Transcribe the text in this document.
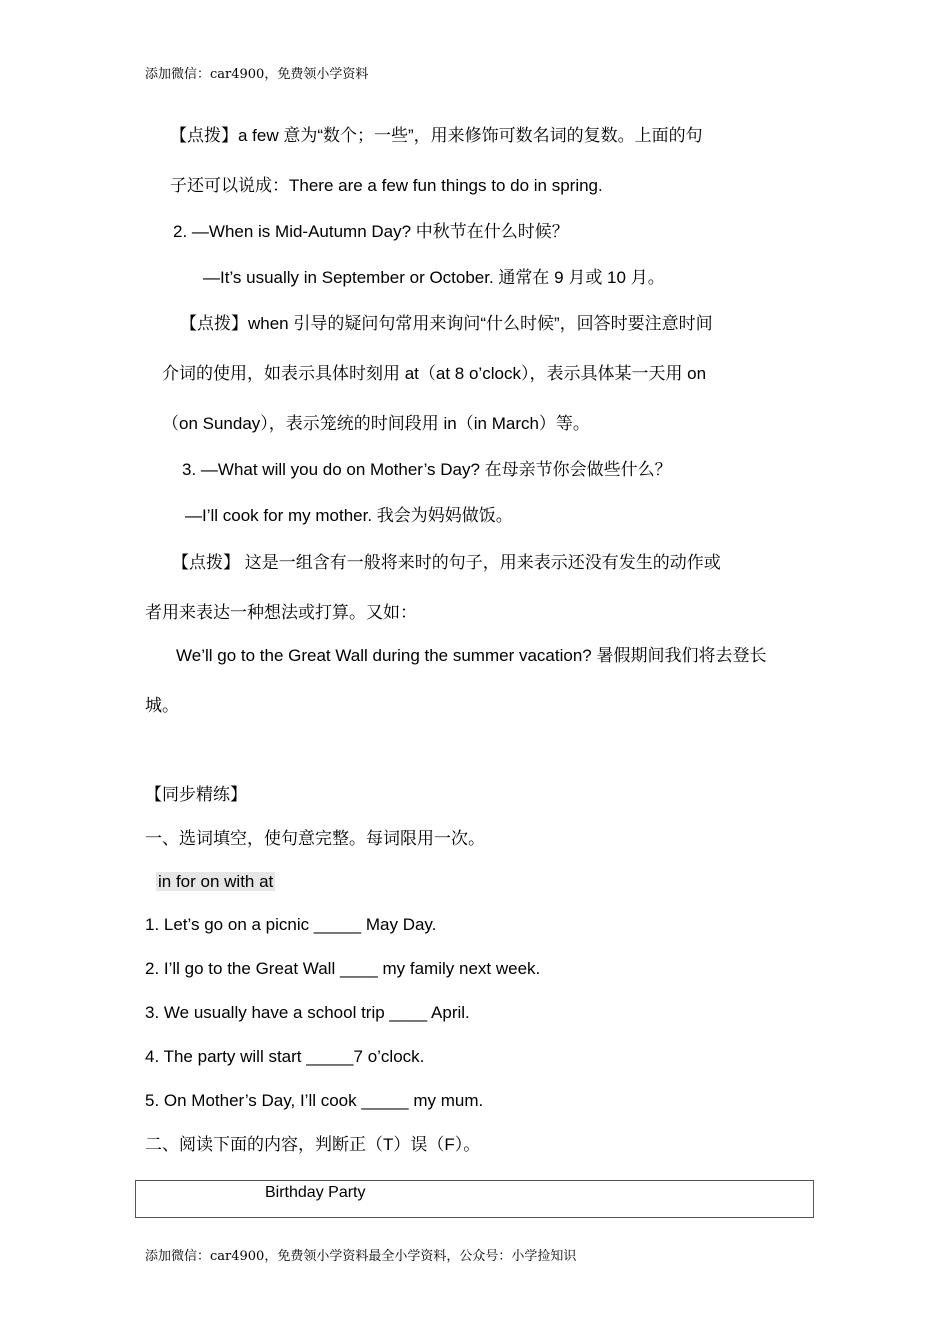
添加微信：car4900，免费领小学资料
【点拨】a few 意为“数个；一些”，用来修饰可数名词的复数。上面的句
子还可以说成：There are a few fun things to do in spring.
2. —When is Mid-Autumn Day? 中秋节在什么时候？
—It’s usually in September or October. 通常在 9 月或 10 月。
【点拨】when 引导的疑问句常用来询问“什么时候”，回答时要注意时间
介词的使用，如表示具体时刻用 at（at 8 o’clock），表示具体某一天用 on
（on Sunday），表示笼统的时间段用 in（in March）等。
3. —What will you do on Mother’s Day? 在母亲节你会做些什么？
—I’ll cook for my mother. 我会为妈妈做饭。
【点拨】 这是一组含有一般将来时的句子，用来表示还没有发生的动作或
者用来表达一种想法或打算。又如：
We’ll go to the Great Wall during the summer vacation? 暑假期间我们将去登长
城。
【同步精练】
一、选词填空，使句意完整。每词限用一次。
in for on with at
1. Let’s go on a picnic _____ May Day.
2. I’ll go to the Great Wall ____ my family next week.
3. We usually have a school trip ____ April.
4. The party will start _____7 o’clock.
5. On Mother’s Day, I’ll cook _____ my mum.
二、阅读下面的内容，判断正（T）误（F）。
Birthday Party
添加微信：car4900，免费领小学资料最全小学资料，公众号：小学捡知识
